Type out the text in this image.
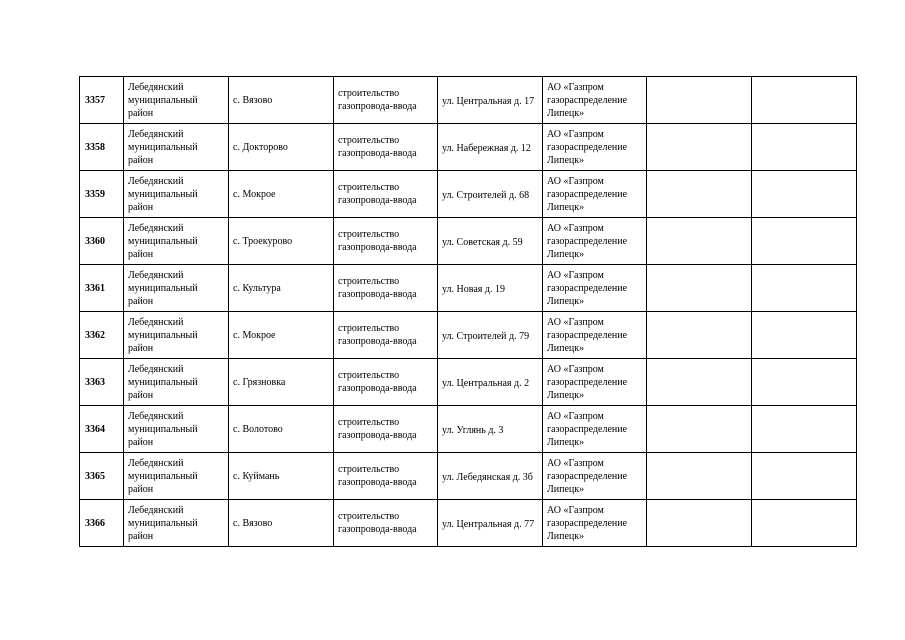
3357	Лебедянский муниципальный район	с. Вязово	строительство газопровода-ввода	ул. Центральная д. 17	АО «Газпром газораспределение Липецк»		
3358	Лебедянский муниципальный район	с. Докторово	строительство газопровода-ввода	ул. Набережная д. 12	АО «Газпром газораспределение Липецк»		
3359	Лебедянский муниципальный район	с. Мокрое	строительство газопровода-ввода	ул. Строителей д. 68	АО «Газпром газораспределение Липецк»		
3360	Лебедянский муниципальный район	с. Троекурово	строительство газопровода-ввода	ул. Советская д. 59	АО «Газпром газораспределение Липецк»		
3361	Лебедянский муниципальный район	с. Культура	строительство газопровода-ввода	ул. Новая д. 19	АО «Газпром газораспределение Липецк»		
3362	Лебедянский муниципальный район	с. Мокрое	строительство газопровода-ввода	ул. Строителей д. 79	АО «Газпром газораспределение Липецк»		
3363	Лебедянский муниципальный район	с. Грязновка	строительство газопровода-ввода	ул. Центральная д. 2	АО «Газпром газораспределение Липецк»		
3364	Лебедянский муниципальный район	с. Волотово	строительство газопровода-ввода	ул. Углянь д. 3	АО «Газпром газораспределение Липецк»		
3365	Лебедянский муниципальный район	с. Куймань	строительство газопровода-ввода	ул. Лебедянская д. 3б	АО «Газпром газораспределение Липецк»		
3366	Лебедянский муниципальный район	с. Вязово	строительство газопровода-ввода	ул. Центральная д. 77	АО «Газпром газораспределение Липецк»		
